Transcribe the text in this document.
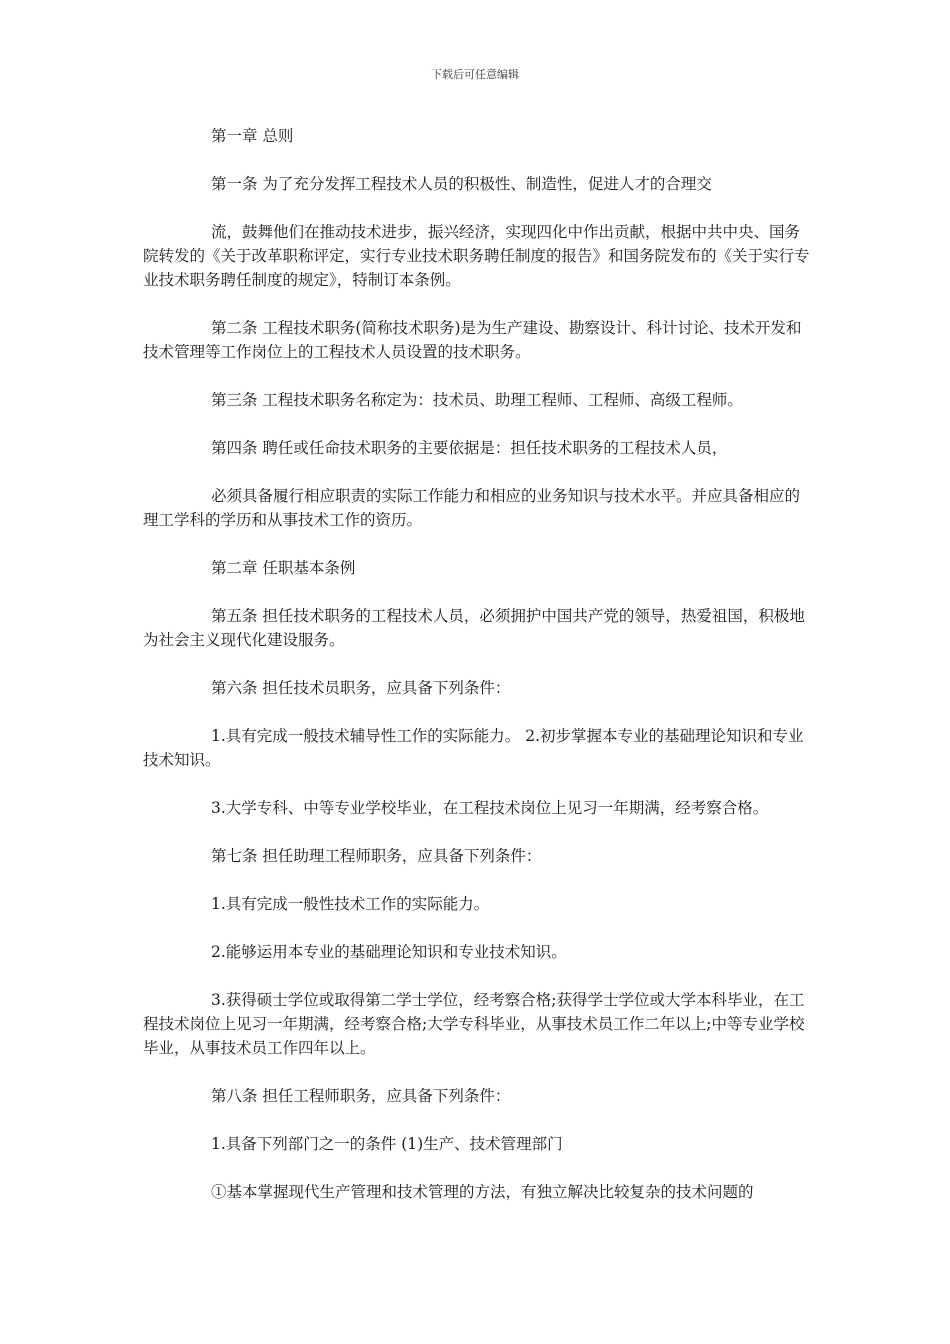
下载后可任意编辑

第一章 总则

第一条 为了充分发挥工程技术人员的积极性、制造性，促进人才的合理交

流，鼓舞他们在推动技术进步，振兴经济，实现四化中作出贡献，根据中共中央、国务院转发的《关于改革职称评定，实行专业技术职务聘任制度的报告》和国务院发布的《关于实行专业技术职务聘任制度的规定》，特制订本条例。

第二条 工程技术职务(简称技术职务)是为生产建设、勘察设计、科计讨论、技术开发和技术管理等工作岗位上的工程技术人员设置的技术职务。

第三条 工程技术职务名称定为：技术员、助理工程师、工程师、高级工程师。

第四条 聘任或任命技术职务的主要依据是：担任技术职务的工程技术人员，

必须具备履行相应职责的实际工作能力和相应的业务知识与技术水平。并应具备相应的理工学科的学历和从事技术工作的资历。

第二章 任职基本条例

第五条 担任技术职务的工程技术人员，必须拥护中国共产党的领导，热爱祖国，积极地为社会主义现代化建设服务。

第六条 担任技术员职务，应具备下列条件：

1.具有完成一般技术辅导性工作的实际能力。 2.初步掌握本专业的基础理论知识和专业技术知识。

3.大学专科、中等专业学校毕业，在工程技术岗位上见习一年期满，经考察合格。

第七条 担任助理工程师职务，应具备下列条件：

1.具有完成一般性技术工作的实际能力。

2.能够运用本专业的基础理论知识和专业技术知识。

3.获得硕士学位或取得第二学士学位，经考察合格;获得学士学位或大学本科毕业，在工程技术岗位上见习一年期满，经考察合格;大学专科毕业，从事技术员工作二年以上;中等专业学校毕业，从事技术员工作四年以上。

第八条 担任工程师职务，应具备下列条件：

1.具备下列部门之一的条件 (1)生产、技术管理部门

①基本掌握现代生产管理和技术管理的方法，有独立解决比较复杂的技术问题的
